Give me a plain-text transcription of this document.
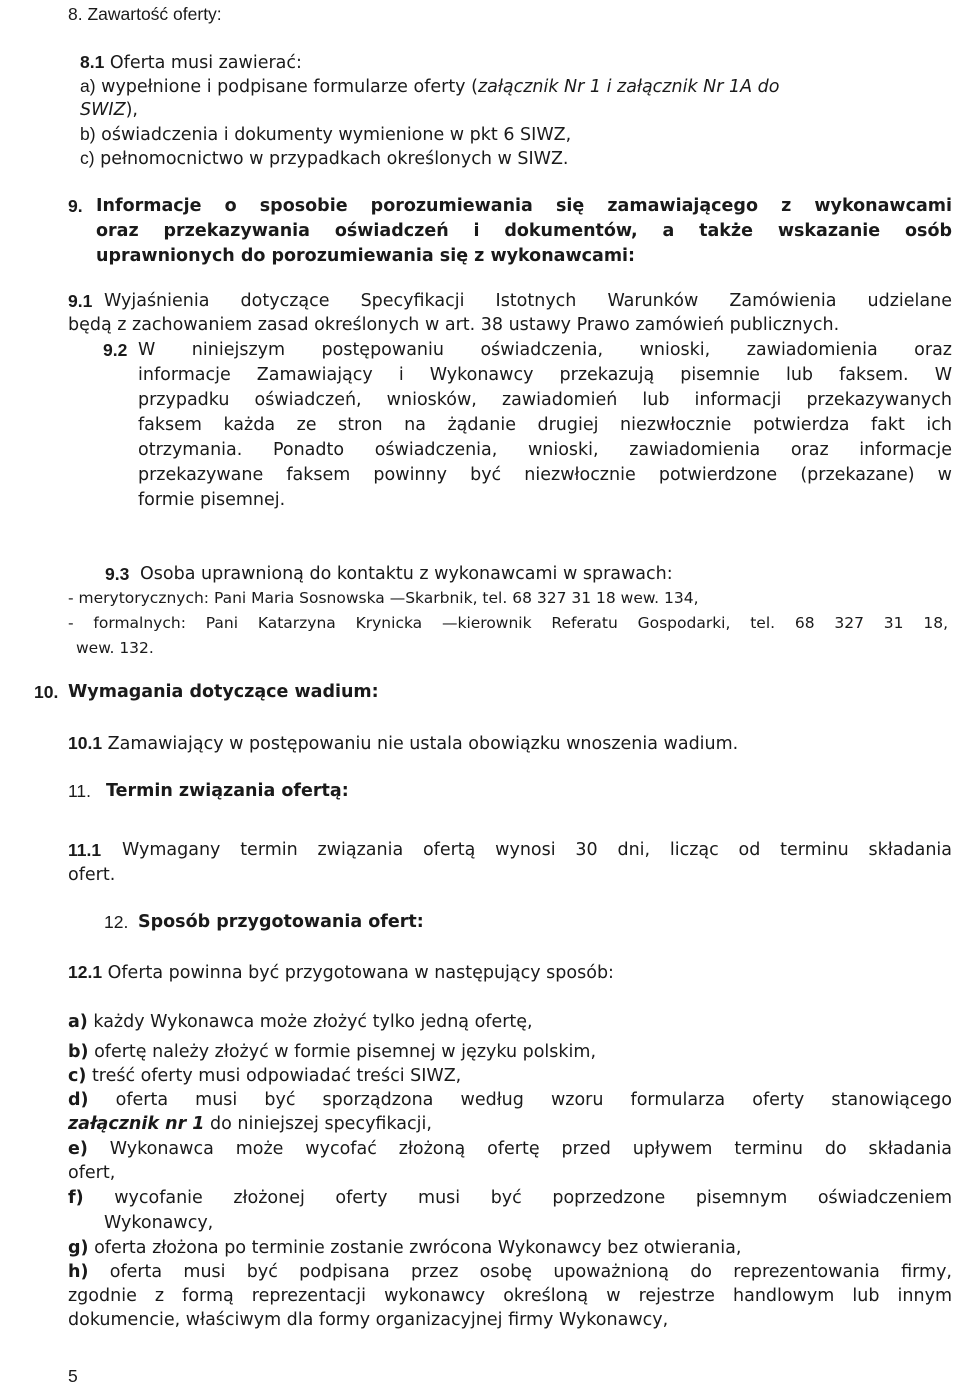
8. Zawartość oferty:
8.1 Oferta musi zawierać:
a) wypełnione i podpisane formularze oferty (załącznik Nr 1 i załącznik Nr 1A do
SWIZ),
b) oświadczenia i dokumenty wymienione w pkt 6 SIWZ,
c) pełnomocnictwo w przypadkach określonych w SIWZ.
9. Informacje o sposobie porozumiewania się zamawiającego z wykonawcami
oraz przekazywania oświadczeń i dokumentów, a także wskazanie osób
uprawnionych do porozumiewania się z wykonawcami:
9.1 Wyjaśnienia dotyczące Specyfikacji Istotnych Warunków Zamówienia udzielane
będą z zachowaniem zasad określonych w art. 38 ustawy Prawo zamówień publicznych.
9.2 W niniejszym postępowaniu oświadczenia, wnioski, zawiadomienia oraz
informacje Zamawiający i Wykonawcy przekazują pisemnie lub faksem. W
przypadku oświadczeń, wniosków, zawiadomień lub informacji przekazywanych
faksem każda ze stron na żądanie drugiej niezwłocznie potwierdza fakt ich
otrzymania. Ponadto oświadczenia, wnioski, zawiadomienia oraz informacje
przekazywane faksem powinny być niezwłocznie potwierdzone (przekazane) w
formie pisemnej.
9.3 Osoba uprawnioną do kontaktu z wykonawcami w sprawach:
- merytorycznych: Pani Maria Sosnowska —Skarbnik, tel. 68 327 31 18 wew. 134,
- formalnych: Pani Katarzyna Krynicka —kierownik Referatu Gospodarki, tel. 68 327 31 18,
wew. 132.
10. Wymagania dotyczące wadium:
10.1 Zamawiający w postępowaniu nie ustala obowiązku wnoszenia wadium.
11. Termin związania ofertą:
11.1 Wymagany termin związania ofertą wynosi 30 dni, licząc od terminu składania
ofert.
12. Sposób przygotowania ofert:
12.1 Oferta powinna być przygotowana w następujący sposób:
a) każdy Wykonawca może złożyć tylko jedną ofertę,
b) ofertę należy złożyć w formie pisemnej w języku polskim,
c) treść oferty musi odpowiadać treści SIWZ,
d) oferta musi być sporządzona według wzoru formularza oferty stanowiącego
załącznik nr 1 do niniejszej specyfikacji,
e) Wykonawca może wycofać złożoną ofertę przed upływem terminu do składania
ofert,
f) wycofanie złożonej oferty musi być poprzedzone pisemnym oświadczeniem
Wykonawcy,
g) oferta złożona po terminie zostanie zwrócona Wykonawcy bez otwierania,
h) oferta musi być podpisana przez osobę upoważnioną do reprezentowania firmy,
zgodnie z formą reprezentacji wykonawcy określoną w rejestrze handlowym lub innym
dokumencie, właściwym dla formy organizacyjnej firmy Wykonawcy,
5
